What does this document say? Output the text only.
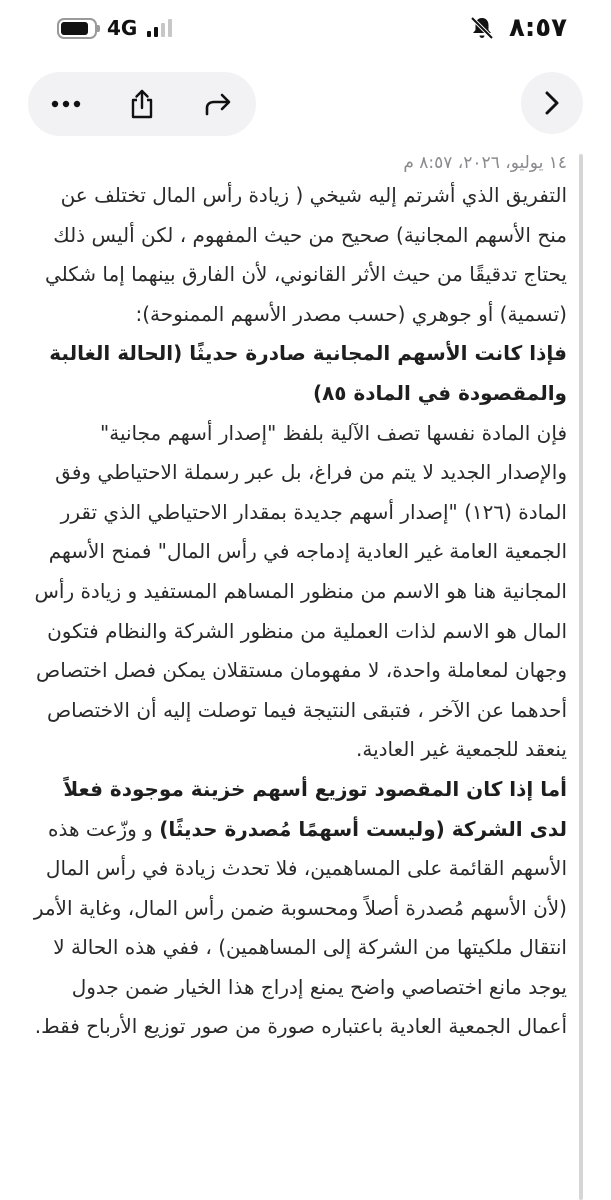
4G	٨:٥٧
١٤ يوليو، ٢٠٢٦، ٨:٥٧ م

التفريق الذي أشرتم إليه شيخي ( زيادة رأس المال تختلف عن منح الأسهم المجانية) صحيح من حيث المفهوم ، لكن أليس ذلك يحتاج تدقيقًا من حيث الأثر القانوني، لأن الفارق بينهما إما شكلي (تسمية) أو جوهري (حسب مصدر الأسهم الممنوحة):

فإذا كانت الأسهم المجانية صادرة حديثًا (الحالة الغالبة والمقصودة في المادة ٨٥)

فإن المادة نفسها تصف الآلية بلفظ "إصدار أسهم مجانية" والإصدار الجديد لا يتم من فراغ، بل عبر رسملة الاحتياطي وفق المادة (١٢٦) "إصدار أسهم جديدة بمقدار الاحتياطي الذي تقرر الجمعية العامة غير العادية إدماجه في رأس المال" فمنح الأسهم المجانية هنا هو الاسم من منظور المساهم المستفيد و زيادة رأس المال هو الاسم لذات العملية من منظور الشركة والنظام فتكون وجهان لمعاملة واحدة، لا مفهومان مستقلان يمكن فصل اختصاص أحدهما عن الآخر ، فتبقى النتيجة فيما توصلت إليه أن الاختصاص ينعقد للجمعية غير العادية.

أما إذا كان المقصود توزيع أسهم خزينة موجودة فعلاً لدى الشركة (وليست أسهمًا مُصدرة حديثًا) و وزّعت هذه الأسهم القائمة على المساهمين، فلا تحدث زيادة في رأس المال (لأن الأسهم مُصدرة أصلاً ومحسوبة ضمن رأس المال، وغاية الأمر انتقال ملكيتها من الشركة إلى المساهمين) ، ففي هذه الحالة لا يوجد مانع اختصاصي واضح يمنع إدراج هذا الخيار ضمن جدول أعمال الجمعية العادية باعتباره صورة من صور توزيع الأرباح فقط.
